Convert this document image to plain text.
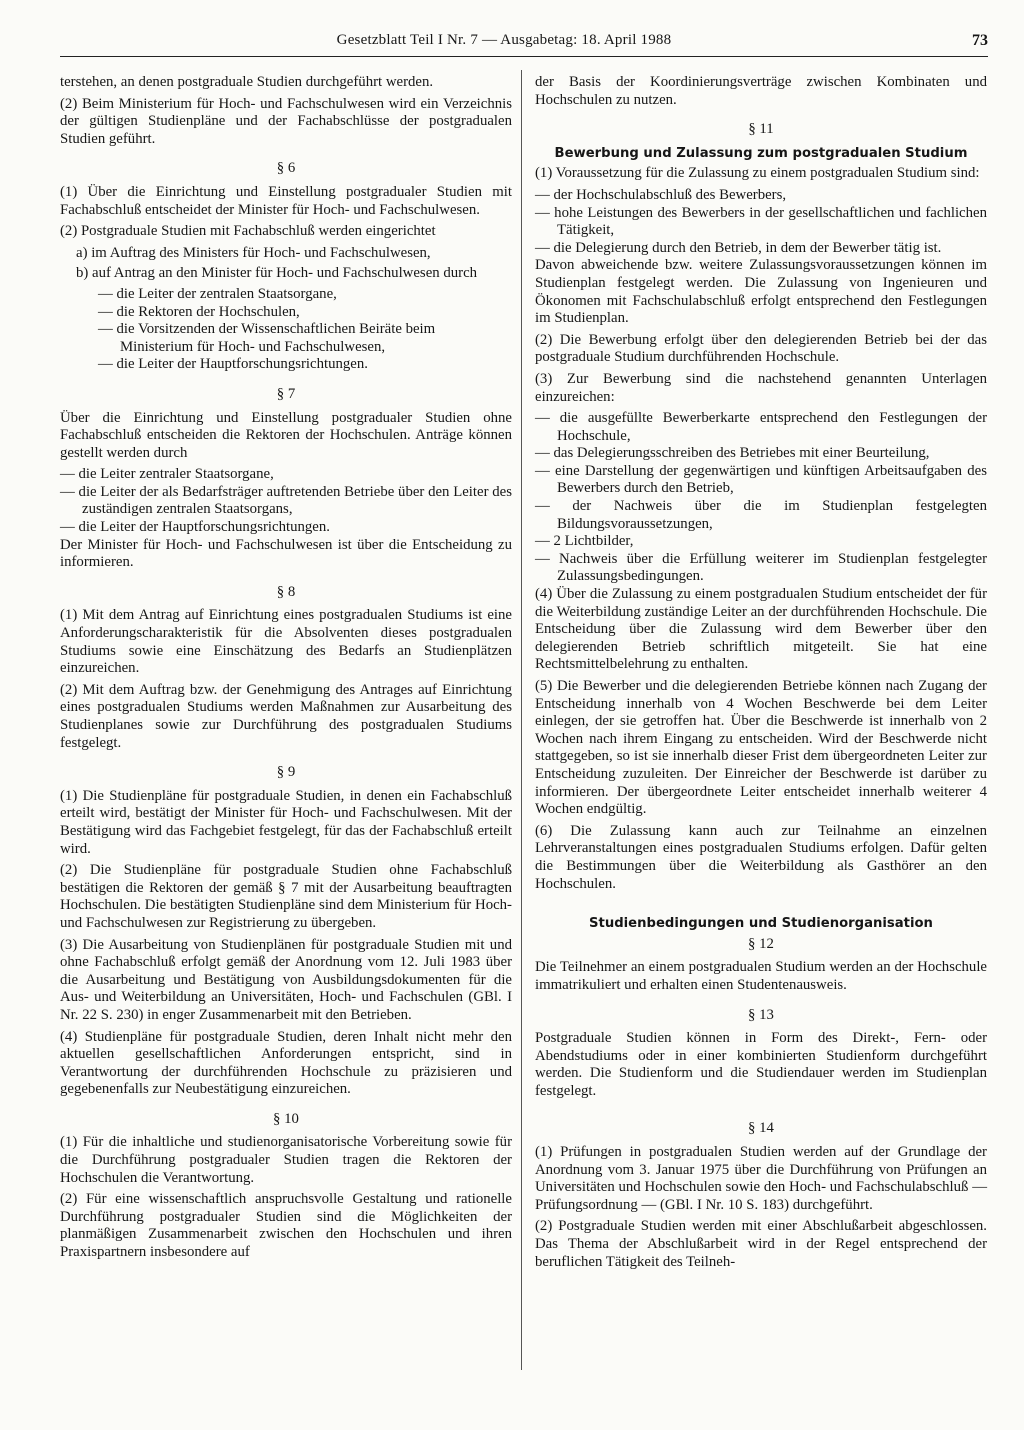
Gesetzblatt Teil I Nr. 7 — Ausgabetag: 18. April 1988	73

terstehen, an denen postgraduale Studien durchgeführt werden.

(2) Beim Ministerium für Hoch- und Fachschulwesen wird ein Verzeichnis der gültigen Studienpläne und der Fachabschlüsse der postgradualen Studien geführt.

§ 6

(1) Über die Einrichtung und Einstellung postgradualer Studien mit Fachabschluß entscheidet der Minister für Hoch- und Fachschulwesen.

(2) Postgraduale Studien mit Fachabschluß werden eingerichtet

a) im Auftrag des Ministers für Hoch- und Fachschulwesen,

b) auf Antrag an den Minister für Hoch- und Fachschulwesen durch

— die Leiter der zentralen Staatsorgane,

— die Rektoren der Hochschulen,

— die Vorsitzenden der Wissenschaftlichen Beiräte beim Ministerium für Hoch- und Fachschulwesen,

— die Leiter der Hauptforschungsrichtungen.

§ 7

Über die Einrichtung und Einstellung postgradualer Studien ohne Fachabschluß entscheiden die Rektoren der Hochschulen. Anträge können gestellt werden durch

— die Leiter zentraler Staatsorgane,

— die Leiter der als Bedarfsträger auftretenden Betriebe über den Leiter des zuständigen zentralen Staatsorgans,

— die Leiter der Hauptforschungsrichtungen.

Der Minister für Hoch- und Fachschulwesen ist über die Entscheidung zu informieren.

§ 8

(1) Mit dem Antrag auf Einrichtung eines postgradualen Studiums ist eine Anforderungscharakteristik für die Absolventen dieses postgradualen Studiums sowie eine Einschätzung des Bedarfs an Studienplätzen einzureichen.

(2) Mit dem Auftrag bzw. der Genehmigung des Antrages auf Einrichtung eines postgradualen Studiums werden Maßnahmen zur Ausarbeitung des Studienplanes sowie zur Durchführung des postgradualen Studiums festgelegt.

§ 9

(1) Die Studienpläne für postgraduale Studien, in denen ein Fachabschluß erteilt wird, bestätigt der Minister für Hoch- und Fachschulwesen. Mit der Bestätigung wird das Fachgebiet festgelegt, für das der Fachabschluß erteilt wird.

(2) Die Studienpläne für postgraduale Studien ohne Fachabschluß bestätigen die Rektoren der gemäß § 7 mit der Ausarbeitung beauftragten Hochschulen. Die bestätigten Studienpläne sind dem Ministerium für Hoch- und Fachschulwesen zur Registrierung zu übergeben.

(3) Die Ausarbeitung von Studienplänen für postgraduale Studien mit und ohne Fachabschluß erfolgt gemäß der Anordnung vom 12. Juli 1983 über die Ausarbeitung und Bestätigung von Ausbildungsdokumenten für die Aus- und Weiterbildung an Universitäten, Hoch- und Fachschulen (GBl. I Nr. 22 S. 230) in enger Zusammenarbeit mit den Betrieben.

(4) Studienpläne für postgraduale Studien, deren Inhalt nicht mehr den aktuellen gesellschaftlichen Anforderungen entspricht, sind in Verantwortung der durchführenden Hochschule zu präzisieren und gegebenenfalls zur Neubestätigung einzureichen.

§ 10

(1) Für die inhaltliche und studienorganisatorische Vorbereitung sowie für die Durchführung postgradualer Studien tragen die Rektoren der Hochschulen die Verantwortung.

(2) Für eine wissenschaftlich anspruchsvolle Gestaltung und rationelle Durchführung postgradualer Studien sind die Möglichkeiten der planmäßigen Zusammenarbeit zwischen den Hochschulen und ihren Praxispartnern insbesondere auf

der Basis der Koordinierungsverträge zwischen Kombinaten und Hochschulen zu nutzen.

§ 11
Bewerbung und Zulassung zum postgradualen Studium

(1) Voraussetzung für die Zulassung zu einem postgradualen Studium sind:

— der Hochschulabschluß des Bewerbers,

— hohe Leistungen des Bewerbers in der gesellschaftlichen und fachlichen Tätigkeit,

— die Delegierung durch den Betrieb, in dem der Bewerber tätig ist.

Davon abweichende bzw. weitere Zulassungsvoraussetzungen können im Studienplan festgelegt werden. Die Zulassung von Ingenieuren und Ökonomen mit Fachschulabschluß erfolgt entsprechend den Festlegungen im Studienplan.

(2) Die Bewerbung erfolgt über den delegierenden Betrieb bei der das postgraduale Studium durchführenden Hochschule.

(3) Zur Bewerbung sind die nachstehend genannten Unterlagen einzureichen:

— die ausgefüllte Bewerberkarte entsprechend den Festlegungen der Hochschule,

— das Delegierungsschreiben des Betriebes mit einer Beurteilung,

— eine Darstellung der gegenwärtigen und künftigen Arbeitsaufgaben des Bewerbers durch den Betrieb,

— der Nachweis über die im Studienplan festgelegten Bildungsvoraussetzungen,

— 2 Lichtbilder,

— Nachweis über die Erfüllung weiterer im Studienplan festgelegter Zulassungsbedingungen.

(4) Über die Zulassung zu einem postgradualen Studium entscheidet der für die Weiterbildung zuständige Leiter an der durchführenden Hochschule. Die Entscheidung über die Zulassung wird dem Bewerber über den delegierenden Betrieb schriftlich mitgeteilt. Sie hat eine Rechtsmittelbelehrung zu enthalten.

(5) Die Bewerber und die delegierenden Betriebe können nach Zugang der Entscheidung innerhalb von 4 Wochen Beschwerde bei dem Leiter einlegen, der sie getroffen hat. Über die Beschwerde ist innerhalb von 2 Wochen nach ihrem Eingang zu entscheiden. Wird der Beschwerde nicht stattgegeben, so ist sie innerhalb dieser Frist dem übergeordneten Leiter zur Entscheidung zuzuleiten. Der Einreicher der Beschwerde ist darüber zu informieren. Der übergeordnete Leiter entscheidet innerhalb weiterer 4 Wochen endgültig.

(6) Die Zulassung kann auch zur Teilnahme an einzelnen Lehrveranstaltungen eines postgradualen Studiums erfolgen. Dafür gelten die Bestimmungen über die Weiterbildung als Gasthörer an den Hochschulen.

Studienbedingungen und Studienorganisation
§ 12

Die Teilnehmer an einem postgradualen Studium werden an der Hochschule immatrikuliert und erhalten einen Studentenausweis.

§ 13

Postgraduale Studien können in Form des Direkt-, Fern- oder Abendstudiums oder in einer kombinierten Studienform durchgeführt werden. Die Studienform und die Studiendauer werden im Studienplan festgelegt.

§ 14

(1) Prüfungen in postgradualen Studien werden auf der Grundlage der Anordnung vom 3. Januar 1975 über die Durchführung von Prüfungen an Universitäten und Hochschulen sowie den Hoch- und Fachschulabschluß — Prüfungsordnung — (GBl. I Nr. 10 S. 183) durchgeführt.

(2) Postgraduale Studien werden mit einer Abschlußarbeit abgeschlossen. Das Thema der Abschlußarbeit wird in der Regel entsprechend der beruflichen Tätigkeit des Teilneh-
